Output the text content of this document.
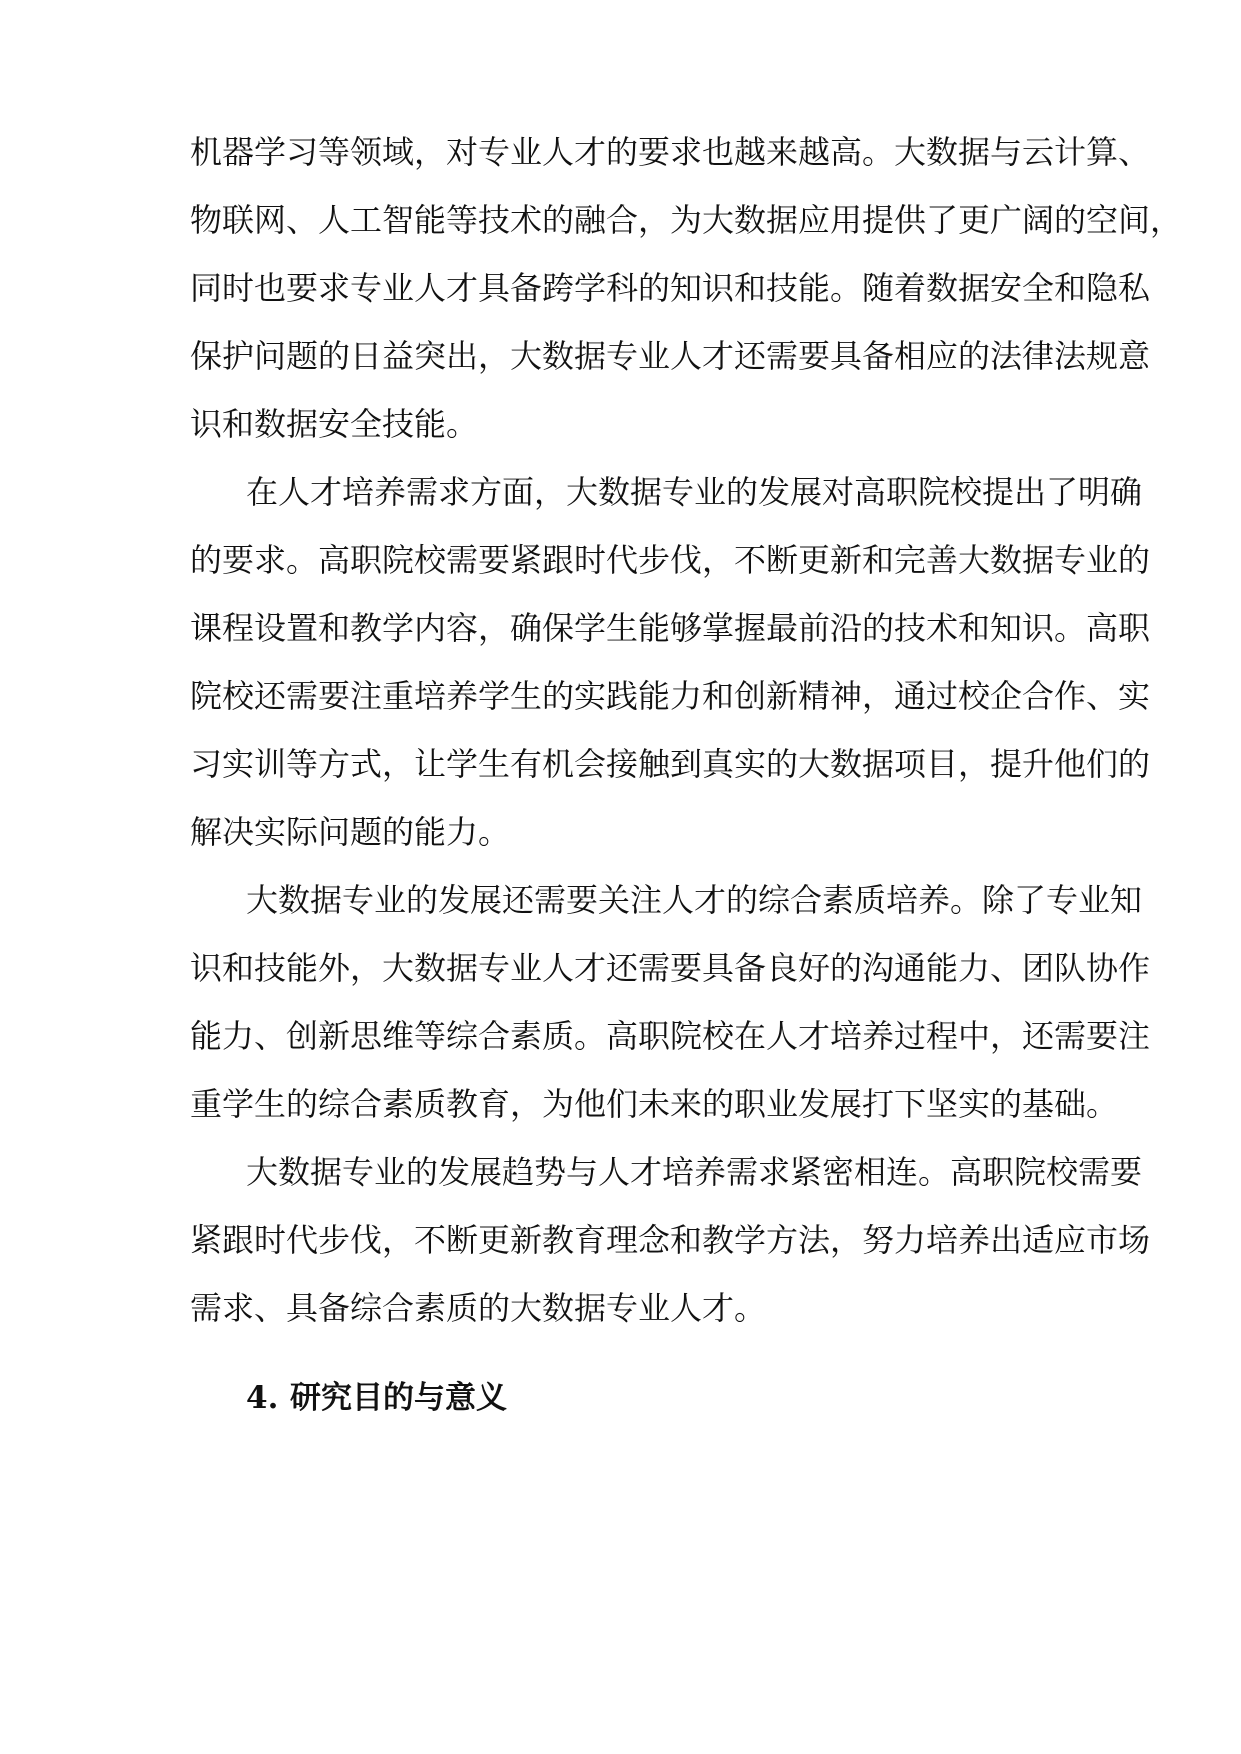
机器学习等领域，对专业人才的要求也越来越高。大数据与云计算、
物联网、人工智能等技术的融合，为大数据应用提供了更广阔的空间，
同时也要求专业人才具备跨学科的知识和技能。随着数据安全和隐私
保护问题的日益突出，大数据专业人才还需要具备相应的法律法规意
识和数据安全技能。
在人才培养需求方面，大数据专业的发展对高职院校提出了明确
的要求。高职院校需要紧跟时代步伐，不断更新和完善大数据专业的
课程设置和教学内容，确保学生能够掌握最前沿的技术和知识。高职
院校还需要注重培养学生的实践能力和创新精神，通过校企合作、实
习实训等方式，让学生有机会接触到真实的大数据项目，提升他们的
解决实际问题的能力。
大数据专业的发展还需要关注人才的综合素质培养。除了专业知
识和技能外，大数据专业人才还需要具备良好的沟通能力、团队协作
能力、创新思维等综合素质。高职院校在人才培养过程中，还需要注
重学生的综合素质教育，为他们未来的职业发展打下坚实的基础。
大数据专业的发展趋势与人才培养需求紧密相连。高职院校需要
紧跟时代步伐，不断更新教育理念和教学方法，努力培养出适应市场
需求、具备综合素质的大数据专业人才。
4. 研究目的与意义
